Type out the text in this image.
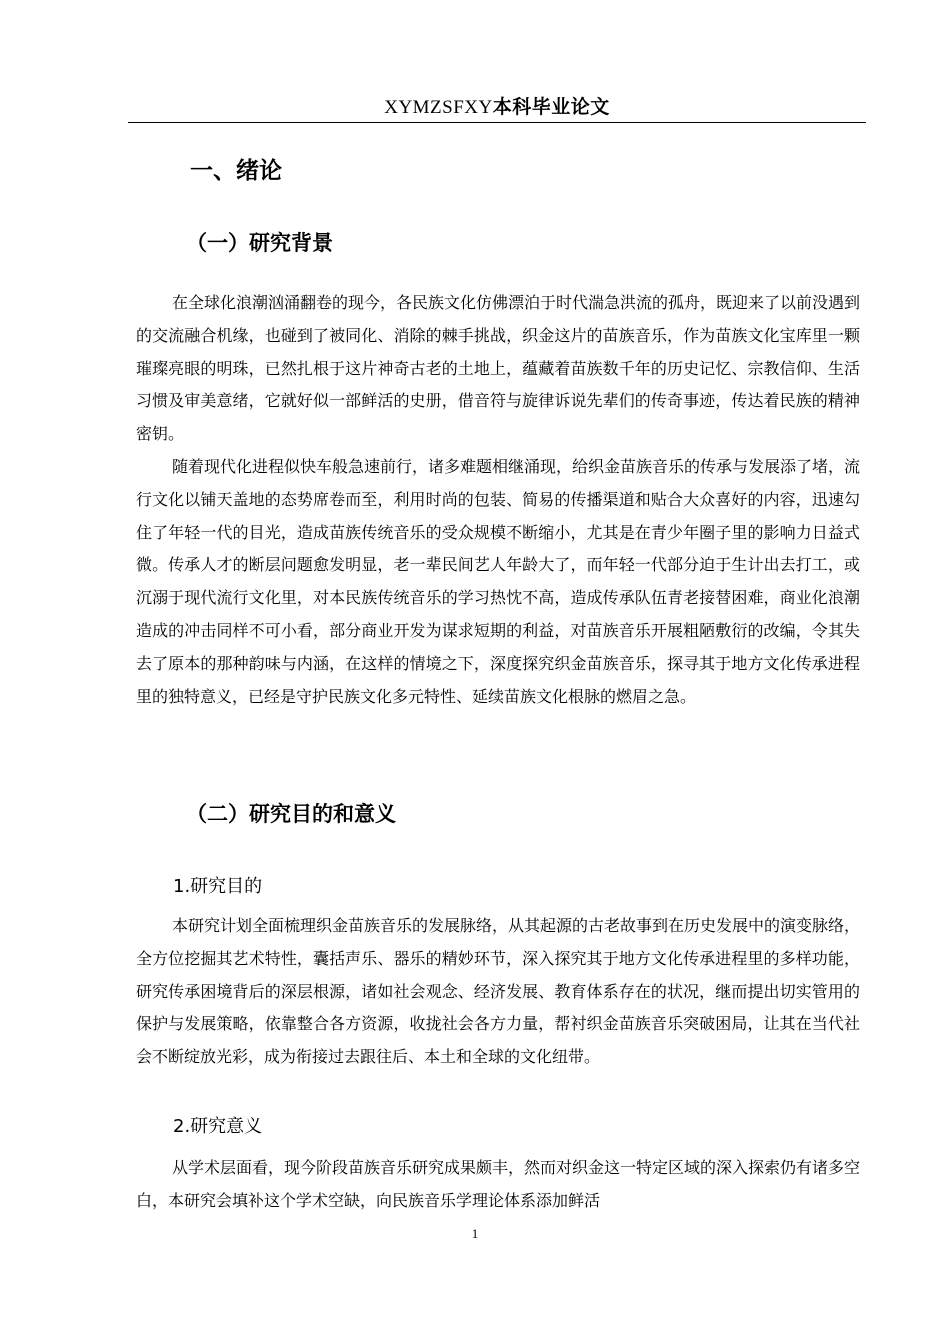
XYMZSFXY本科毕业论文
一、绪论
（一）研究背景

在全球化浪潮汹涌翻卷的现今，各民族文化仿佛漂泊于时代湍急洪流的孤舟，既迎来了以前没遇到的交流融合机缘，也碰到了被同化、消除的棘手挑战，织金这片的苗族音乐，作为苗族文化宝库里一颗璀璨亮眼的明珠，已然扎根于这片神奇古老的土地上，蕴藏着苗族数千年的历史记忆、宗教信仰、生活习惯及审美意绪，它就好似一部鲜活的史册，借音符与旋律诉说先辈们的传奇事迹，传达着民族的精神密钥。

随着现代化进程似快车般急速前行，诸多难题相继涌现，给织金苗族音乐的传承与发展添了堵，流行文化以铺天盖地的态势席卷而至，利用时尚的包装、简易的传播渠道和贴合大众喜好的内容，迅速勾住了年轻一代的目光，造成苗族传统音乐的受众规模不断缩小，尤其是在青少年圈子里的影响力日益式微。传承人才的断层问题愈发明显，老一辈民间艺人年龄大了，而年轻一代部分迫于生计出去打工，或沉溺于现代流行文化里，对本民族传统音乐的学习热忱不高，造成传承队伍青老接替困难，商业化浪潮造成的冲击同样不可小看，部分商业开发为谋求短期的利益，对苗族音乐开展粗陋敷衍的改编，令其失去了原本的那种韵味与内涵，在这样的情境之下，深度探究织金苗族音乐，探寻其于地方文化传承进程里的独特意义，已经是守护民族文化多元特性、延续苗族文化根脉的燃眉之急。

（二）研究目的和意义
1.研究目的

本研究计划全面梳理织金苗族音乐的发展脉络，从其起源的古老故事到在历史发展中的演变脉络，全方位挖掘其艺术特性，囊括声乐、器乐的精妙环节，深入探究其于地方文化传承进程里的多样功能，研究传承困境背后的深层根源，诸如社会观念、经济发展、教育体系存在的状况，继而提出切实管用的保护与发展策略，依靠整合各方资源，收拢社会各方力量，帮衬织金苗族音乐突破困局，让其在当代社会不断绽放光彩，成为衔接过去跟往后、本土和全球的文化纽带。

2.研究意义

从学术层面看，现今阶段苗族音乐研究成果颇丰，然而对织金这一特定区域的深入探索仍有诸多空白，本研究会填补这个学术空缺，向民族音乐学理论体系添加鲜活

1
